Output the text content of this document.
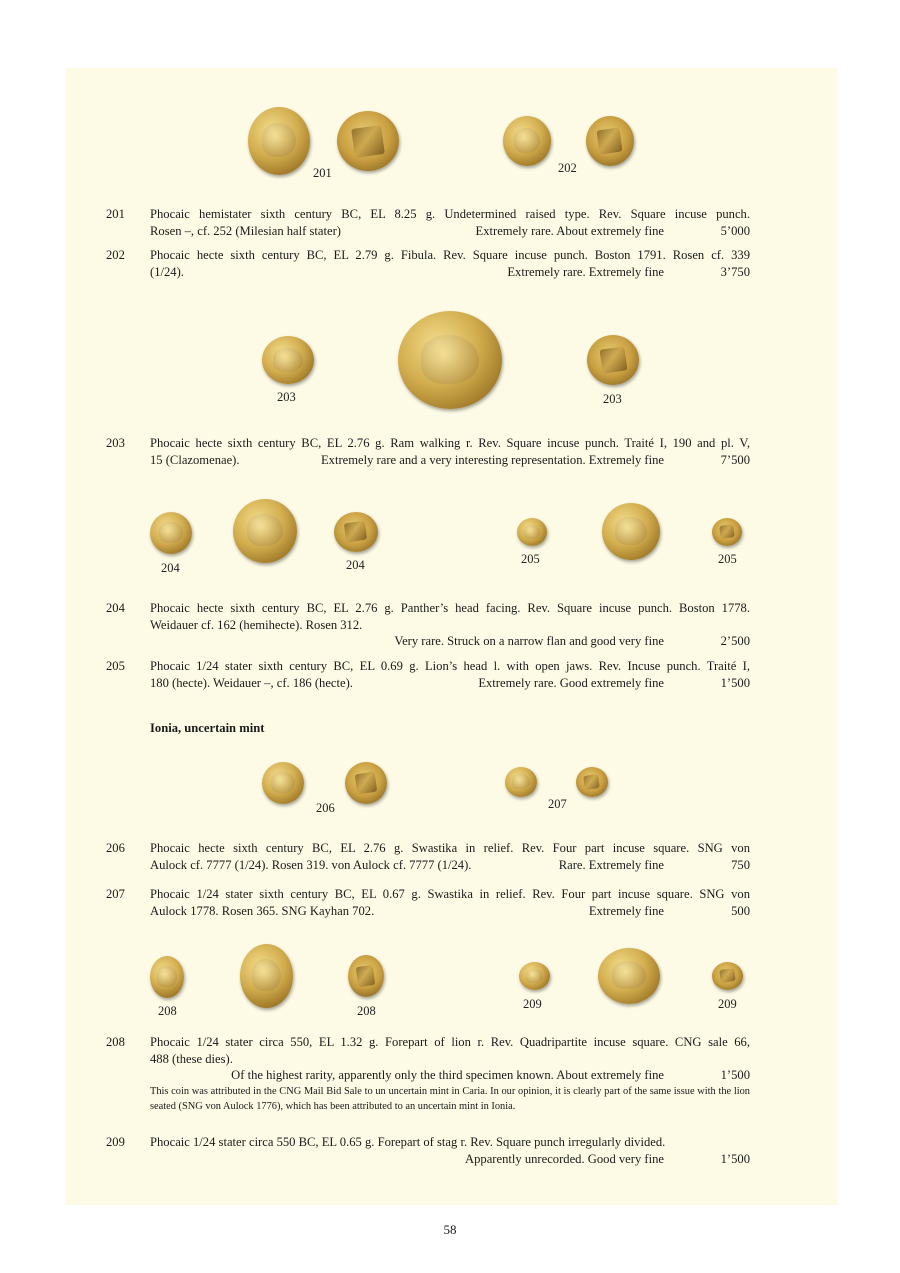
201	202
201 Phocaic hemistater sixth century BC, EL 8.25 g. Undetermined raised type. Rev. Square incuse punch.
Rosen –, cf. 252 (Milesian half stater)	Extremely rare. About extremely fine	5’000
202 Phocaic hecte sixth century BC, EL 2.79 g. Fibula. Rev. Square incuse punch. Boston 1791. Rosen cf. 339
(1/24).	Extremely rare. Extremely fine	3’750
203	203
203 Phocaic hecte sixth century BC, EL 2.76 g. Ram walking r. Rev. Square incuse punch. Traité I, 190 and pl. V,
15 (Clazomenae).	Extremely rare and a very interesting representation. Extremely fine	7’500
204	204	205	205
204 Phocaic hecte sixth century BC, EL 2.76 g. Panther’s head facing. Rev. Square incuse punch. Boston 1778.
Weidauer cf. 162 (hemihecte). Rosen 312.
Very rare. Struck on a narrow flan and good very fine	2’500
205 Phocaic 1/24 stater sixth century BC, EL 0.69 g. Lion’s head l. with open jaws. Rev. Incuse punch. Traité I,
180 (hecte). Weidauer –, cf. 186 (hecte).	Extremely rare. Good extremely fine	1’500
Ionia, uncertain mint
206	207
206 Phocaic hecte sixth century BC, EL 2.76 g. Swastika in relief. Rev. Four part incuse square. SNG von
Aulock cf. 7777 (1/24). Rosen 319. von Aulock cf. 7777 (1/24).	Rare. Extremely fine	750
207 Phocaic 1/24 stater sixth century BC, EL 0.67 g. Swastika in relief. Rev. Four part incuse square. SNG von
Aulock 1778. Rosen 365. SNG Kayhan 702.	Extremely fine	500
208	208	209	209
208 Phocaic 1/24 stater circa 550, EL 1.32 g. Forepart of lion r. Rev. Quadripartite incuse square. CNG sale 66,
488 (these dies).
Of the highest rarity, apparently only the third specimen known. About extremely fine	1’500
This coin was attributed in the CNG Mail Bid Sale to un uncertain mint in Caria. In our opinion, it is clearly part of the same issue with the lion seated (SNG von Aulock 1776), which has been attributed to an uncertain mint in Ionia.
209 Phocaic 1/24 stater circa 550 BC, EL 0.65 g. Forepart of stag r. Rev. Square punch irregularly divided.
Apparently unrecorded. Good very fine	1’500
58
